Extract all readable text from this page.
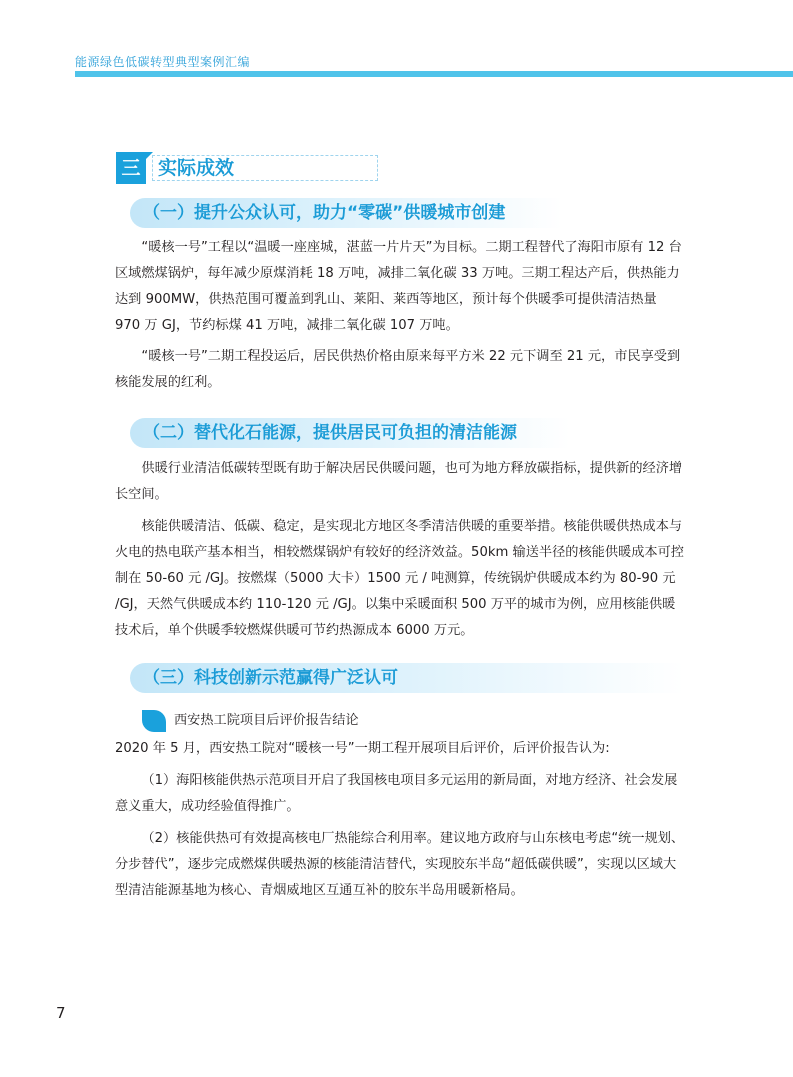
能源绿色低碳转型典型案例汇编
三 实际成效
（一）提升公众认可，助力“零碳”供暖城市创建

“暖核一号”工程以“温暖一座座城，湛蓝一片片天”为目标。二期工程替代了海阳市原有 12 台区域燃煤锅炉，每年减少原煤消耗 18 万吨，减排二氧化碳 33 万吨。三期工程达产后，供热能力达到 900MW，供热范围可覆盖到乳山、莱阳、莱西等地区，预计每个供暖季可提供清洁热量 970 万 GJ，节约标煤 41 万吨，减排二氧化碳 107 万吨。

“暖核一号”二期工程投运后，居民供热价格由原来每平方米 22 元下调至 21 元，市民享受到核能发展的红利。

（二）替代化石能源，提供居民可负担的清洁能源

供暖行业清洁低碳转型既有助于解决居民供暖问题，也可为地方释放碳指标，提供新的经济增长空间。

核能供暖清洁、低碳、稳定，是实现北方地区冬季清洁供暖的重要举措。核能供暖供热成本与火电的热电联产基本相当，相较燃煤锅炉有较好的经济效益。50km 输送半径的核能供暖成本可控制在 50-60 元 /GJ。按燃煤（5000 大卡）1500 元 / 吨测算，传统锅炉供暖成本约为 80-90 元 /GJ，天然气供暖成本约 110-120 元 /GJ。以集中采暖面积 500 万平的城市为例，应用核能供暖技术后，单个供暖季较燃煤供暖可节约热源成本 6000 万元。

（三）科技创新示范赢得广泛认可
西安热工院项目后评价报告结论

2020 年 5 月，西安热工院对“暖核一号”一期工程开展项目后评价，后评价报告认为:

（1）海阳核能供热示范项目开启了我国核电项目多元运用的新局面，对地方经济、社会发展意义重大，成功经验值得推广。

（2）核能供热可有效提高核电厂热能综合利用率。建议地方政府与山东核电考虑“统一规划、分步替代”，逐步完成燃煤供暖热源的核能清洁替代，实现胶东半岛“超低碳供暖”，实现以区域大型清洁能源基地为核心、青烟威地区互通互补的胶东半岛用暖新格局。

7
